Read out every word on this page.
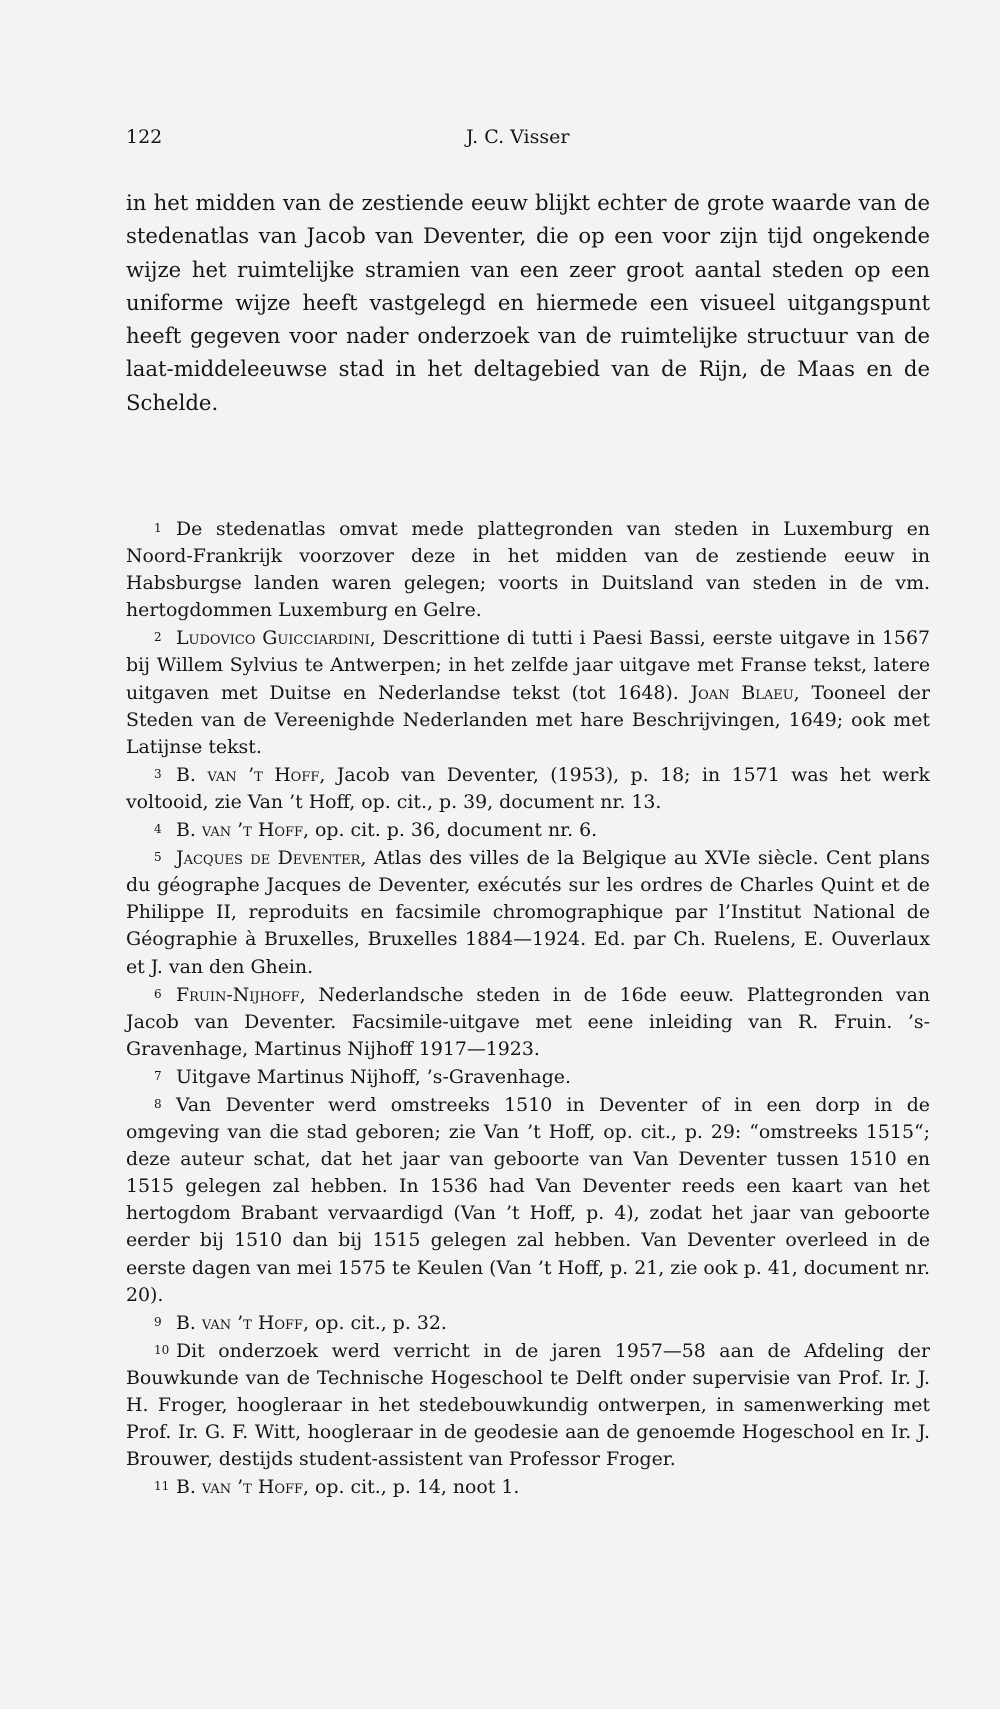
122	J. C. Visser

in het midden van de zestiende eeuw blijkt echter de grote waarde van de stedenatlas van Jacob van Deventer, die op een voor zijn tijd ongekende wijze het ruimtelijke stramien van een zeer groot aantal steden op een uniforme wijze heeft vastgelegd en hiermede een visueel uitgangspunt heeft gegeven voor nader onderzoek van de ruimtelijke structuur van de laat-middeleeuwse stad in het deltagebied van de Rijn, de Maas en de Schelde.

1 De stedenatlas omvat mede plattegronden van steden in Luxemburg en Noord-Frankrijk voorzover deze in het midden van de zestiende eeuw in Habsburgse landen waren gelegen; voorts in Duitsland van steden in de vm. hertogdommen Luxemburg en Gelre.

2 Ludovico Guicciardini, Descrittione di tutti i Paesi Bassi, eerste uitgave in 1567 bij Willem Sylvius te Antwerpen; in het zelfde jaar uitgave met Franse tekst, latere uitgaven met Duitse en Nederlandse tekst (tot 1648). Joan Blaeu, Tooneel der Steden van de Vereenighde Nederlanden met hare Beschrijvingen, 1649; ook met Latijnse tekst.

3 B. van ’t Hoff, Jacob van Deventer, (1953), p. 18; in 1571 was het werk voltooid, zie Van ’t Hoff, op. cit., p. 39, document nr. 13.

4 B. van ’t Hoff, op. cit. p. 36, document nr. 6.

5 Jacques de Deventer, Atlas des villes de la Belgique au XVIe siècle. Cent plans du géographe Jacques de Deventer, exécutés sur les ordres de Charles Quint et de Philippe II, reproduits en facsimile chromographique par l’Institut National de Géographie à Bruxelles, Bruxelles 1884—1924. Ed. par Ch. Ruelens, E. Ouverlaux et J. van den Ghein.

6 Fruin-Nijhoff, Nederlandsche steden in de 16de eeuw. Plattegronden van Jacob van Deventer. Facsimile-uitgave met eene inleiding van R. Fruin. ’s-Gravenhage, Martinus Nijhoff 1917—1923.

7 Uitgave Martinus Nijhoff, ’s-Gravenhage.

8 Van Deventer werd omstreeks 1510 in Deventer of in een dorp in de omgeving van die stad geboren; zie Van ’t Hoff, op. cit., p. 29: “omstreeks 1515“; deze auteur schat, dat het jaar van geboorte van Van Deventer tussen 1510 en 1515 gelegen zal hebben. In 1536 had Van Deventer reeds een kaart van het hertogdom Brabant vervaardigd (Van ’t Hoff, p. 4), zodat het jaar van geboorte eerder bij 1510 dan bij 1515 gelegen zal hebben. Van Deventer overleed in de eerste dagen van mei 1575 te Keulen (Van ’t Hoff, p. 21, zie ook p. 41, document nr. 20).

9 B. van ’t Hoff, op. cit., p. 32.

10 Dit onderzoek werd verricht in de jaren 1957—58 aan de Afdeling der Bouwkunde van de Technische Hogeschool te Delft onder supervisie van Prof. Ir. J. H. Froger, hoogleraar in het stedebouwkundig ontwerpen, in samenwerking met Prof. Ir. G. F. Witt, hoogleraar in de geodesie aan de genoemde Hogeschool en Ir. J. Brouwer, destijds student-assistent van Professor Froger.

11 B. van ’t Hoff, op. cit., p. 14, noot 1.
